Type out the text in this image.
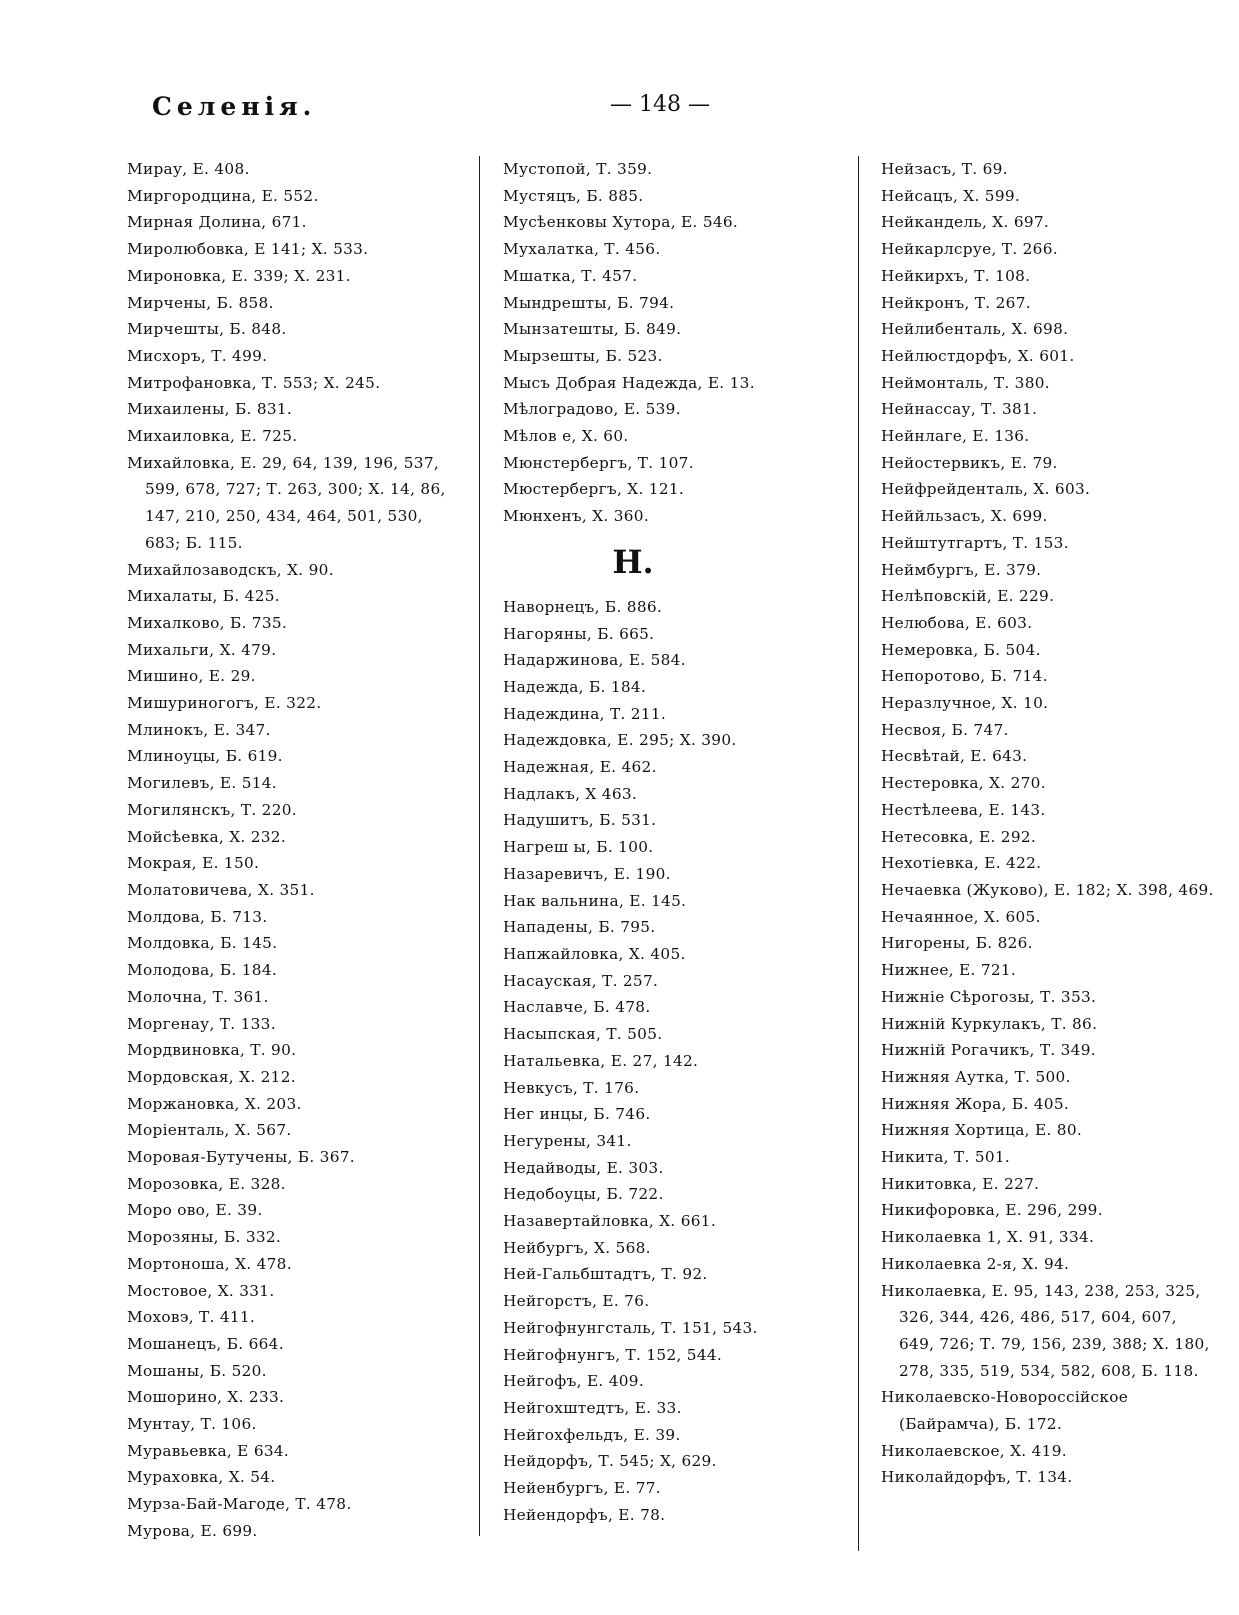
Селенія.	— 148 —
Мирау, Е. 408.
Миргородцина, Е. 552.
Мирная Долина, 671.
Миролюбовка, Е 141; Х. 533.
Мироновка, Е. 339; Х. 231.
Мирчены, Б. 858.
Мирчешты, Б. 848.
Мисхоръ, Т. 499.
Митрофановка, Т. 553; Х. 245.
Михаилены, Б. 831.
Михаиловка, Е. 725.
Михайловка, Е. 29, 64, 139, 196, 537, 599, 678, 727; Т. 263, 300; Х. 14, 86, 147, 210, 250, 434, 464, 501, 530, 683; Б. 115.
Михайлозаводскъ, Х. 90.
Михалаты, Б. 425.
Михалково, Б. 735.
Михальги, Х. 479.
Мишино, Е. 29.
Мишуриногогъ, Е. 322.
Млинокъ, Е. 347.
Млиноуцы, Б. 619.
Могилевъ, Е. 514.
Могилянскъ, Т. 220.
Мойсѣевка, Х. 232.
Мокрая, Е. 150.
Молатовичева, Х. 351.
Молдова, Б. 713.
Молдовка, Б. 145.
Молодова, Б. 184.
Молочна, Т. 361.
Моргенау, Т. 133.
Мордвиновка, Т. 90.
Мордовская, Х. 212.
Моржановка, Х. 203.
Моріенталь, Х. 567.
Моровая-Бутучены, Б. 367.
Морозовка, Е. 328.
Моро ово, Е. 39.
Морозяны, Б. 332.
Мортоноша, Х. 478.
Мостовое, Х. 331.
Моховэ, Т. 411.
Мошанецъ, Б. 664.
Мошаны, Б. 520.
Мошорино, Х. 233.
Мунтау, Т. 106.
Муравьевка, Е 634.
Мураховка, Х. 54.
Мурза-Бай-Магоде, Т. 478.
Мурова, Е. 699.
Мустопой, Т. 359.
Мустяцъ, Б. 885.
Мусѣенковы Хутора, Е. 546.
Мухалатка, Т. 456.
Мшатка, Т. 457.
Мындрешты, Б. 794.
Мынзатешты, Б. 849.
Мырзешты, Б. 523.
Мысъ Добрая Надежда, Е. 13.
Мѣлоградово, Е. 539.
Мѣлов е, Х. 60.
Мюнстербергъ, Т. 107.
Мюстербергъ, Х. 121.
Мюнхенъ, Х. 360.
Н.
Наворнецъ, Б. 886.
Нагоряны, Б. 665.
Надаржинова, Е. 584.
Надежда, Б. 184.
Надеждина, Т. 211.
Надеждовка, Е. 295; Х. 390.
Надежная, Е. 462.
Надлакъ, Х 463.
Надушитъ, Б. 531.
Нагреш ы, Б. 100.
Назаревичъ, Е. 190.
Нак вальнина, Е. 145.
Нападены, Б. 795.
Напжайловка, Х. 405.
Насауская, Т. 257.
Наславче, Б. 478.
Насыпская, Т. 505.
Натальевка, Е. 27, 142.
Невкусъ, Т. 176.
Нег инцы, Б. 746.
Негурены, 341.
Недайводы, Е. 303.
Недобоуцы, Б. 722.
Назавертайловка, Х. 661.
Нейбургъ, Х. 568.
Ней-Гальбштадтъ, Т. 92.
Нейгорстъ, Е. 76.
Нейгофнунгсталь, Т. 151, 543.
Нейгофнунгъ, Т. 152, 544.
Нейгофъ, Е. 409.
Нейгохштедтъ, Е. 33.
Нейгохфельдъ, Е. 39.
Нейдорфъ, Т. 545; Х, 629.
Нейенбургъ, Е. 77.
Нейендорфъ, Е. 78.
Нейзасъ, Т. 69.
Нейсацъ, Х. 599.
Нейкандель, Х. 697.
Нейкарлсруе, Т. 266.
Нейкирхъ, Т. 108.
Нейкронъ, Т. 267.
Нейлибенталь, Х. 698.
Нейлюстдорфъ, Х. 601.
Неймонталь, Т. 380.
Нейнассау, Т. 381.
Нейнлаге, Е. 136.
Нейостервикъ, Е. 79.
Нейфрейденталь, Х. 603.
Неййльзасъ, Х. 699.
Нейштутгартъ, Т. 153.
Неймбургъ, Е. 379.
Нелѣповскій, Е. 229.
Нелюбова, Е. 603.
Немеровка, Б. 504.
Непоротово, Б. 714.
Неразлучное, Х. 10.
Несвоя, Б. 747.
Несвѣтай, Е. 643.
Нестеровка, Х. 270.
Нестѣлеева, Е. 143.
Нетесовка, Е. 292.
Нехотіевка, Е. 422.
Нечаевка (Жуково), Е. 182; Х. 398, 469.
Нечаянное, Х. 605.
Нигорены, Б. 826.
Нижнее, Е. 721.
Нижніе Сѣрогозы, Т. 353.
Нижній Куркулакъ, Т. 86.
Нижній Рогачикъ, Т. 349.
Нижняя Аутка, Т. 500.
Нижняя Жора, Б. 405.
Нижняя Хортица, Е. 80.
Никита, Т. 501.
Никитовка, Е. 227.
Никифоровка, Е. 296, 299.
Николаевка 1, Х. 91, 334.
Николаевка 2-я, Х. 94.
Николаевка, Е. 95, 143, 238, 253, 325, 326, 344, 426, 486, 517, 604, 607, 649, 726; Т. 79, 156, 239, 388; Х. 180, 278, 335, 519, 534, 582, 608, Б. 118.
Николаевско-Новороссійское (Байрамча), Б. 172.
Николаевское, Х. 419.
Николайдорфъ, Т. 134.
